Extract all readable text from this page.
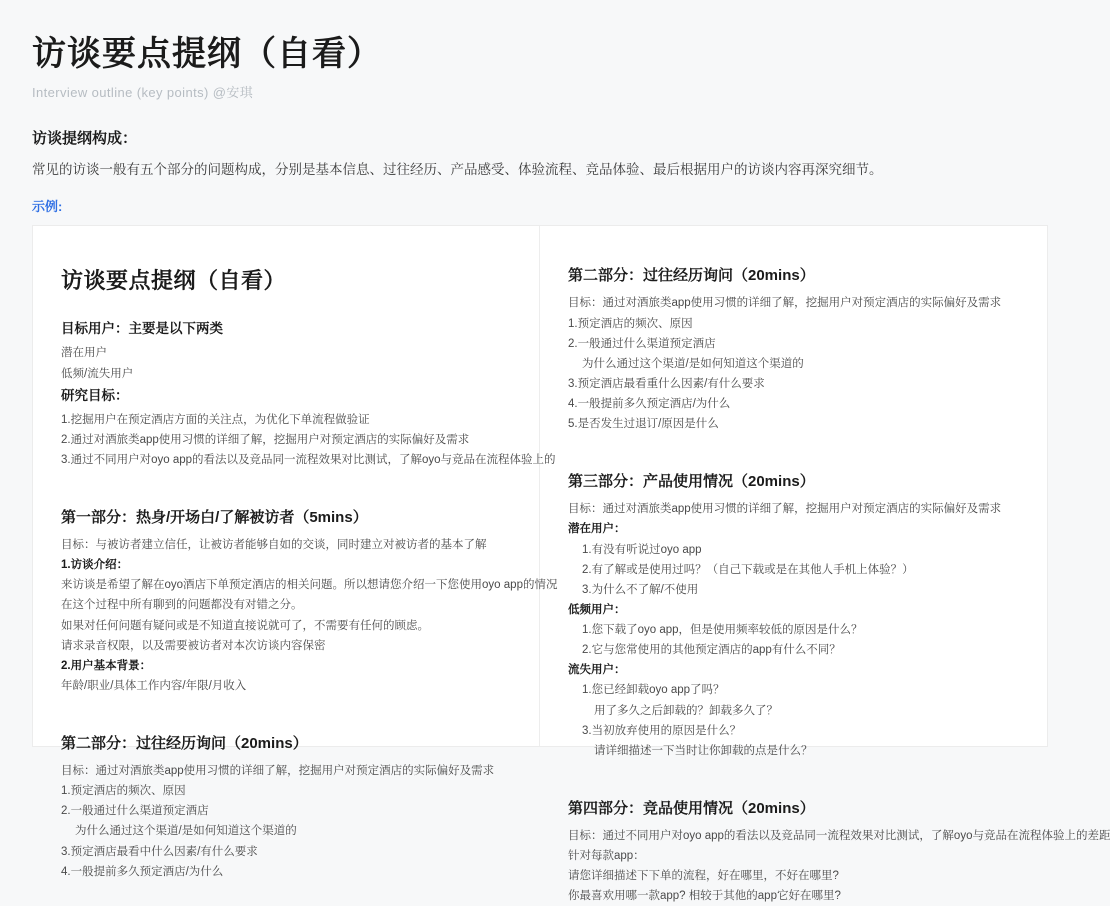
访谈要点提纲（自看）
Interview outline (key points) @安琪
访谈提纲构成：
常见的访谈一般有五个部分的问题构成，分别是基本信息、过往经历、产品感受、体验流程、竞品体验、最后根据用户的访谈内容再深究细节。
示例:
访谈要点提纲（自看）
目标用户：主要是以下两类
潜在用户
低频/流失用户
研究目标：
1.挖掘用户在预定酒店方面的关注点，为优化下单流程做验证
2.通过对酒旅类app使用习惯的详细了解，挖掘用户对预定酒店的实际偏好及需求
3.通过不同用户对oyo app的看法以及竞品同一流程效果对比测试，了解oyo与竞品在流程体验上的
第一部分：热身/开场白/了解被访者（5mins）
目标：与被访者建立信任，让被访者能够自如的交谈，同时建立对被访者的基本了解
1.访谈介绍：
来访谈是希望了解在oyo酒店下单预定酒店的相关问题。所以想请您介绍一下您使用oyo app的情况
在这个过程中所有聊到的问题都没有对错之分。
如果对任何问题有疑问或是不知道直接说就可了，不需要有任何的顾虑。
请求录音权限，以及需要被访者对本次访谈内容保密
2.用户基本背景：
年龄/职业/具体工作内容/年限/月收入
第二部分：过往经历询问（20mins）
目标：通过对酒旅类app使用习惯的详细了解，挖掘用户对预定酒店的实际偏好及需求
1.预定酒店的频次、原因
2.一般通过什么渠道预定酒店
为什么通过这个渠道/是如何知道这个渠道的
3.预定酒店最看中什么因素/有什么要求
4.一般提前多久预定酒店/为什么
第二部分：过往经历询问（20mins）
目标：通过对酒旅类app使用习惯的详细了解，挖掘用户对预定酒店的实际偏好及需求
1.预定酒店的频次、原因
2.一般通过什么渠道预定酒店
为什么通过这个渠道/是如何知道这个渠道的
3.预定酒店最看重什么因素/有什么要求
4.一般提前多久预定酒店/为什么
5.是否发生过退订/原因是什么
第三部分：产品使用情况（20mins）
目标：通过对酒旅类app使用习惯的详细了解，挖掘用户对预定酒店的实际偏好及需求
潜在用户：
1.有没有听说过oyo app
2.有了解或是使用过吗？（自己下载或是在其他人手机上体验？）
3.为什么不了解/不使用
低频用户：
1.您下载了oyo app，但是使用频率较低的原因是什么？
2.它与您常使用的其他预定酒店的app有什么不同？
流失用户：
1.您已经卸载oyo app了吗？
用了多久之后卸载的？卸载多久了？
3.当初放弃使用的原因是什么？
请详细描述一下当时让你卸载的点是什么？
第四部分：竞品使用情况（20mins）
目标：通过不同用户对oyo app的看法以及竞品同一流程效果对比测试，了解oyo与竞品在流程体验上的差距
针对每款app：
请您详细描述下下单的流程，好在哪里，不好在哪里?
你最喜欢用哪一款app? 相较于其他的app它好在哪里?
